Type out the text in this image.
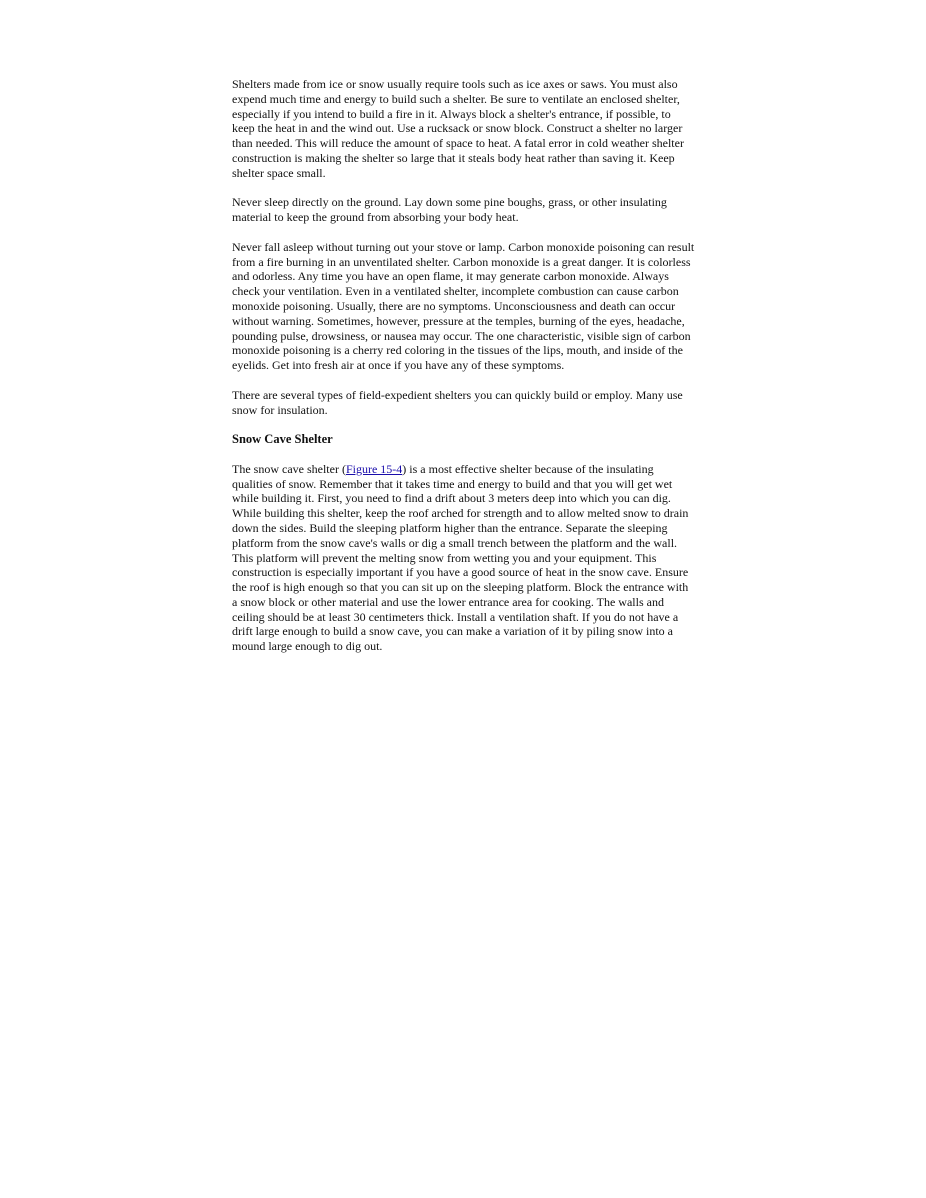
Shelters made from ice or snow usually require tools such as ice axes or saws. You must also expend much time and energy to build such a shelter. Be sure to ventilate an enclosed shelter, especially if you intend to build a fire in it. Always block a shelter's entrance, if possible, to keep the heat in and the wind out. Use a rucksack or snow block. Construct a shelter no larger than needed. This will reduce the amount of space to heat. A fatal error in cold weather shelter construction is making the shelter so large that it steals body heat rather than saving it. Keep shelter space small.

Never sleep directly on the ground. Lay down some pine boughs, grass, or other insulating material to keep the ground from absorbing your body heat.

Never fall asleep without turning out your stove or lamp. Carbon monoxide poisoning can result from a fire burning in an unventilated shelter. Carbon monoxide is a great danger. It is colorless and odorless. Any time you have an open flame, it may generate carbon monoxide. Always check your ventilation. Even in a ventilated shelter, incomplete combustion can cause carbon monoxide poisoning. Usually, there are no symptoms. Unconsciousness and death can occur without warning. Sometimes, however, pressure at the temples, burning of the eyes, headache, pounding pulse, drowsiness, or nausea may occur. The one characteristic, visible sign of carbon monoxide poisoning is a cherry red coloring in the tissues of the lips, mouth, and inside of the eyelids. Get into fresh air at once if you have any of these symptoms.

There are several types of field-expedient shelters you can quickly build or employ. Many use snow for insulation.

Snow Cave Shelter

The snow cave shelter (Figure 15-4) is a most effective shelter because of the insulating qualities of snow. Remember that it takes time and energy to build and that you will get wet while building it. First, you need to find a drift about 3 meters deep into which you can dig. While building this shelter, keep the roof arched for strength and to allow melted snow to drain down the sides. Build the sleeping platform higher than the entrance. Separate the sleeping platform from the snow cave's walls or dig a small trench between the platform and the wall. This platform will prevent the melting snow from wetting you and your equipment. This construction is especially important if you have a good source of heat in the snow cave. Ensure the roof is high enough so that you can sit up on the sleeping platform. Block the entrance with a snow block or other material and use the lower entrance area for cooking. The walls and ceiling should be at least 30 centimeters thick. Install a ventilation shaft. If you do not have a drift large enough to build a snow cave, you can make a variation of it by piling snow into a mound large enough to dig out.
